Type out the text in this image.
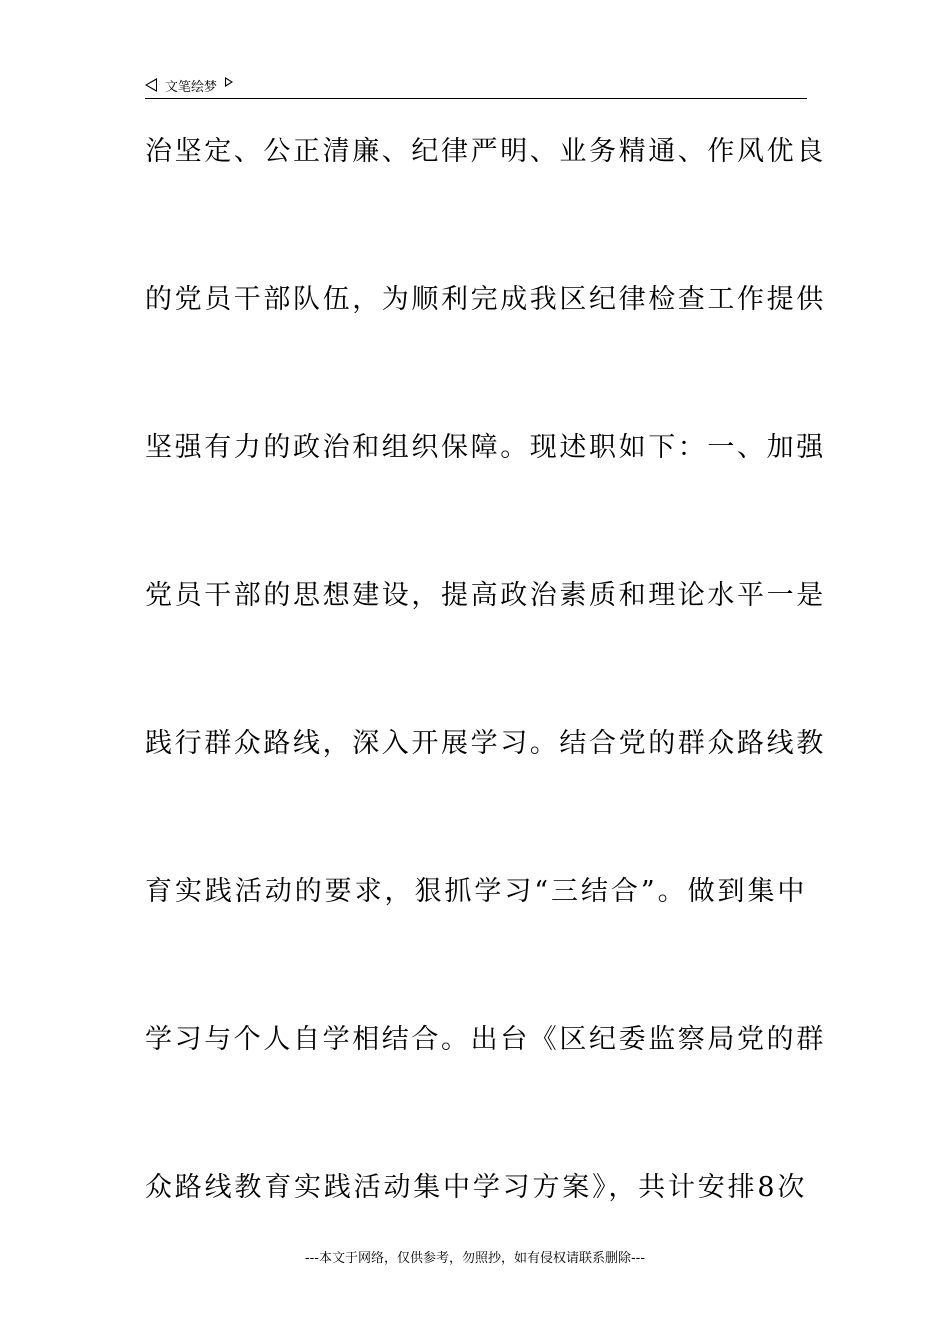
文笔绘梦
治坚定、公正清廉、纪律严明、业务精通、作风优良
的党员干部队伍，为顺利完成我区纪律检查工作提供
坚强有力的政治和组织保障。现述职如下：一、加强
党员干部的思想建设，提高政治素质和理论水平一是
践行群众路线，深入开展学习。结合党的群众路线教
育实践活动的要求，狠抓学习“三结合”。做到集中
学习与个人自学相结合。出台《区纪委监察局党的群
众路线教育实践活动集中学习方案》，共计安排8次
---本文于网络，仅供参考，勿照抄，如有侵权请联系删除---
